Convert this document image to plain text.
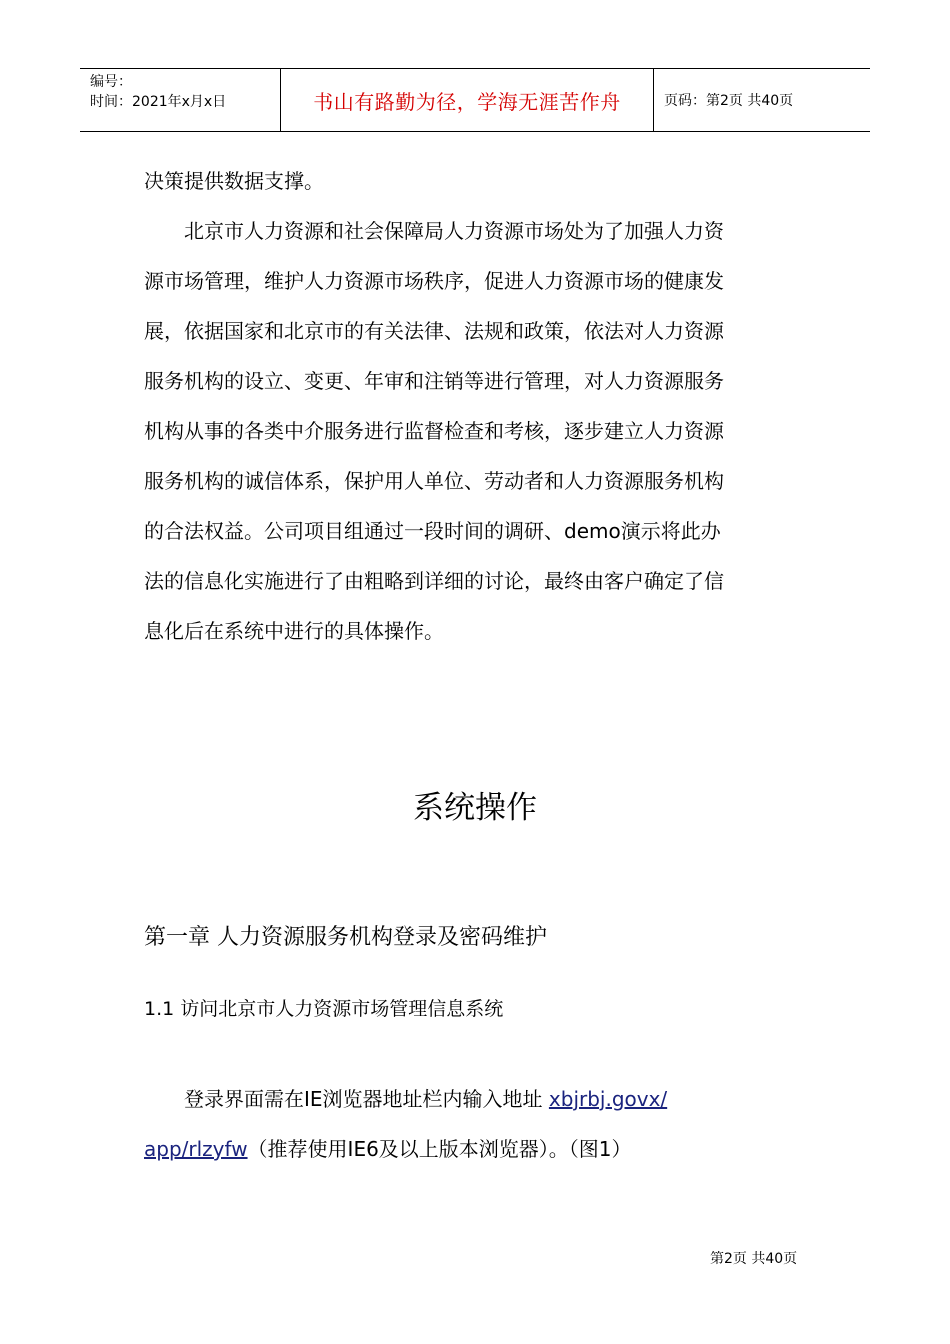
编号：
时间：2021年x月x日	书山有路勤为径，学海无涯苦作舟	页码：第2页 共40页
决策提供数据支撑。
　　北京市人力资源和社会保障局人力资源市场处为了加强人力资
源市场管理，维护人力资源市场秩序，促进人力资源市场的健康发
展，依据国家和北京市的有关法律、法规和政策，依法对人力资源
服务机构的设立、变更、年审和注销等进行管理，对人力资源服务
机构从事的各类中介服务进行监督检查和考核，逐步建立人力资源
服务机构的诚信体系，保护用人单位、劳动者和人力资源服务机构
的合法权益。公司项目组通过一段时间的调研、demo演示将此办
法的信息化实施进行了由粗略到详细的讨论，最终由客户确定了信
息化后在系统中进行的具体操作。
系统操作
第一章 人力资源服务机构登录及密码维护
1.1 访问北京市人力资源市场管理信息系统
　　登录界面需在IE浏览器地址栏内输入地址 xbjrbj.govx/
app/rlzyfw（推荐使用IE6及以上版本浏览器）。（图1）
第2页 共40页
